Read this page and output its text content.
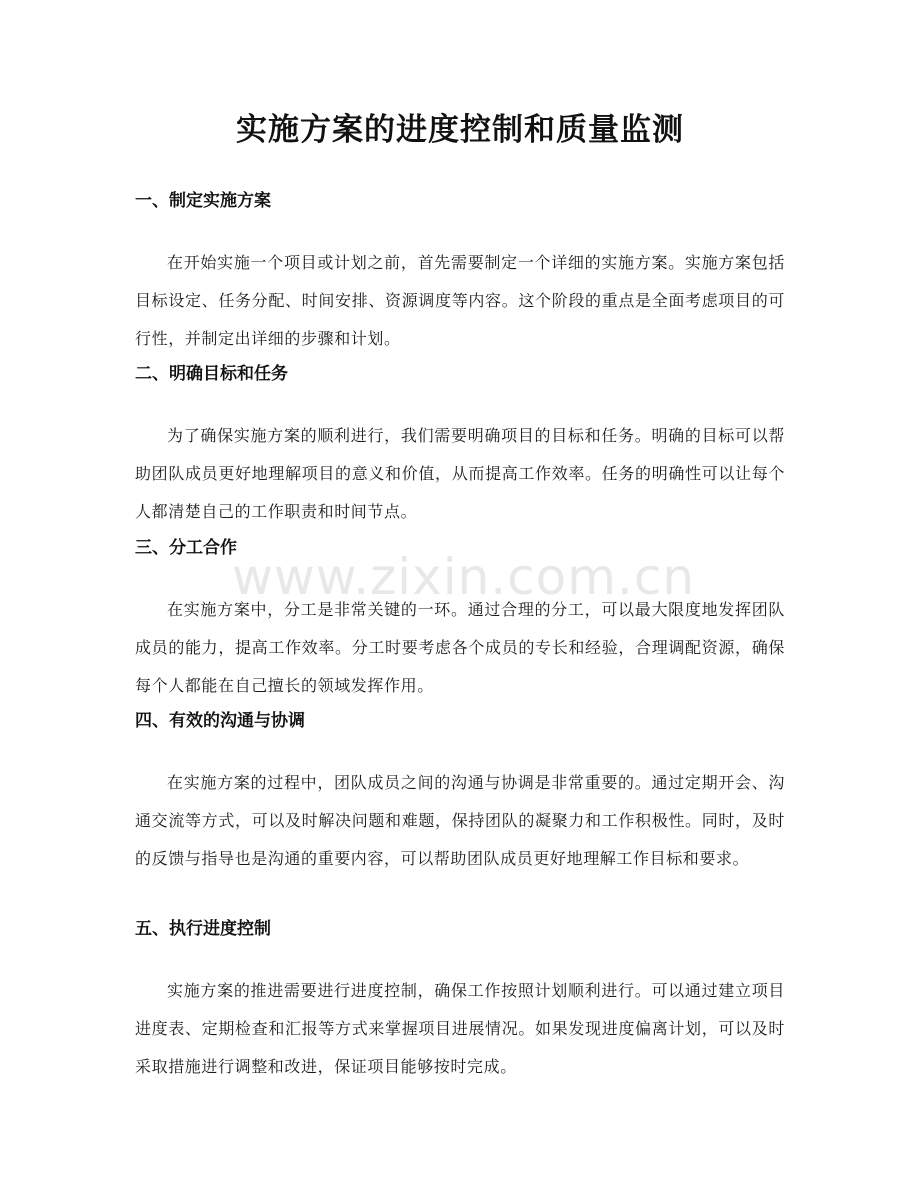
实施方案的进度控制和质量监测
www.zixin.com.cn
一、制定实施方案

在开始实施一个项目或计划之前，首先需要制定一个详细的实施方案。实施方案包括目标设定、任务分配、时间安排、资源调度等内容。这个阶段的重点是全面考虑项目的可行性，并制定出详细的步骤和计划。

二、明确目标和任务

为了确保实施方案的顺利进行，我们需要明确项目的目标和任务。明确的目标可以帮助团队成员更好地理解项目的意义和价值，从而提高工作效率。任务的明确性可以让每个人都清楚自己的工作职责和时间节点。

三、分工合作

在实施方案中，分工是非常关键的一环。通过合理的分工，可以最大限度地发挥团队成员的能力，提高工作效率。分工时要考虑各个成员的专长和经验，合理调配资源，确保每个人都能在自己擅长的领域发挥作用。

四、有效的沟通与协调

在实施方案的过程中，团队成员之间的沟通与协调是非常重要的。通过定期开会、沟通交流等方式，可以及时解决问题和难题，保持团队的凝聚力和工作积极性。同时，及时的反馈与指导也是沟通的重要内容，可以帮助团队成员更好地理解工作目标和要求。

五、执行进度控制

实施方案的推进需要进行进度控制，确保工作按照计划顺利进行。可以通过建立项目进度表、定期检查和汇报等方式来掌握项目进展情况。如果发现进度偏离计划，可以及时采取措施进行调整和改进，保证项目能够按时完成。
